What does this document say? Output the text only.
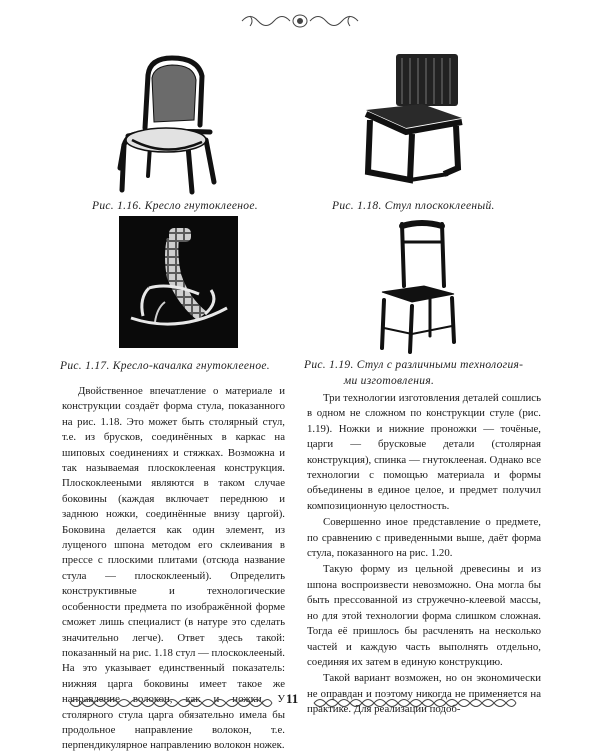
Рис. 1.16. Кресло гнутоклееное.	Рис. 1.18. Стул плоскоклееный.
Рис. 1.17. Кресло-качалка гнутоклееное.	Рис. 1.19. Стул с различными технология-
ми изготовления.

Двойственное впечатление о материале и конструкции создаёт форма стула, показанного на рис. 1.18. Это может быть столярный стул, т.е. из брусков, соединённых в каркас на шиповых соединениях и стяжках. Возможна и так называемая плоскоклееная конструкция. Плоскоклееными являются в таком случае боковины (каждая включает переднюю и заднюю ножки, соединённые внизу царгой). Боковина делается как один элемент, из лущеного шпона методом его склеивания в прессе с плоскими плитами (отсюда название стула — плоскоклееный). Определить конструктивные и технологические особенности предмета по изображённой форме сможет лишь специалист (в натуре это сделать значительно легче). Ответ здесь такой: показанный на рис. 1.18 стул — плоскоклееный. На это указывает единственный показатель: нижняя царга боковины имеет такое же направление волокон, как и ножки. У столярного стула царга обязательно имела бы продольное направление волокон, т.е. перпендикулярное направлению волокон ножек.

Три технологии изготовления деталей сошлись в одном не сложном по конструкции стуле (рис. 1.19). Ножки и нижние проножки — точёные, царги — брусковые детали (столярная конструкция), спинка — гнутоклееная. Однако все технологии с помощью материала и формы объединены в единое целое, и предмет получил композиционную целостность.

Совершенно иное представление о предмете, по сравнению с приведенными выше, даёт форма стула, показанного на рис. 1.20.

Такую форму из цельной древесины и из шпона воспроизвести невозможно. Она могла бы быть прессованной из стружечно-клеевой массы, но для этой технологии форма слишком сложная. Тогда её пришлось бы расчленять на несколько частей и каждую часть выполнять отдельно, соединяя их затем в единую конструкцию.

Такой вариант возможен, но он экономически не оправдан и поэтому никогда не применяется на практике. Для реализации подоб-

11
